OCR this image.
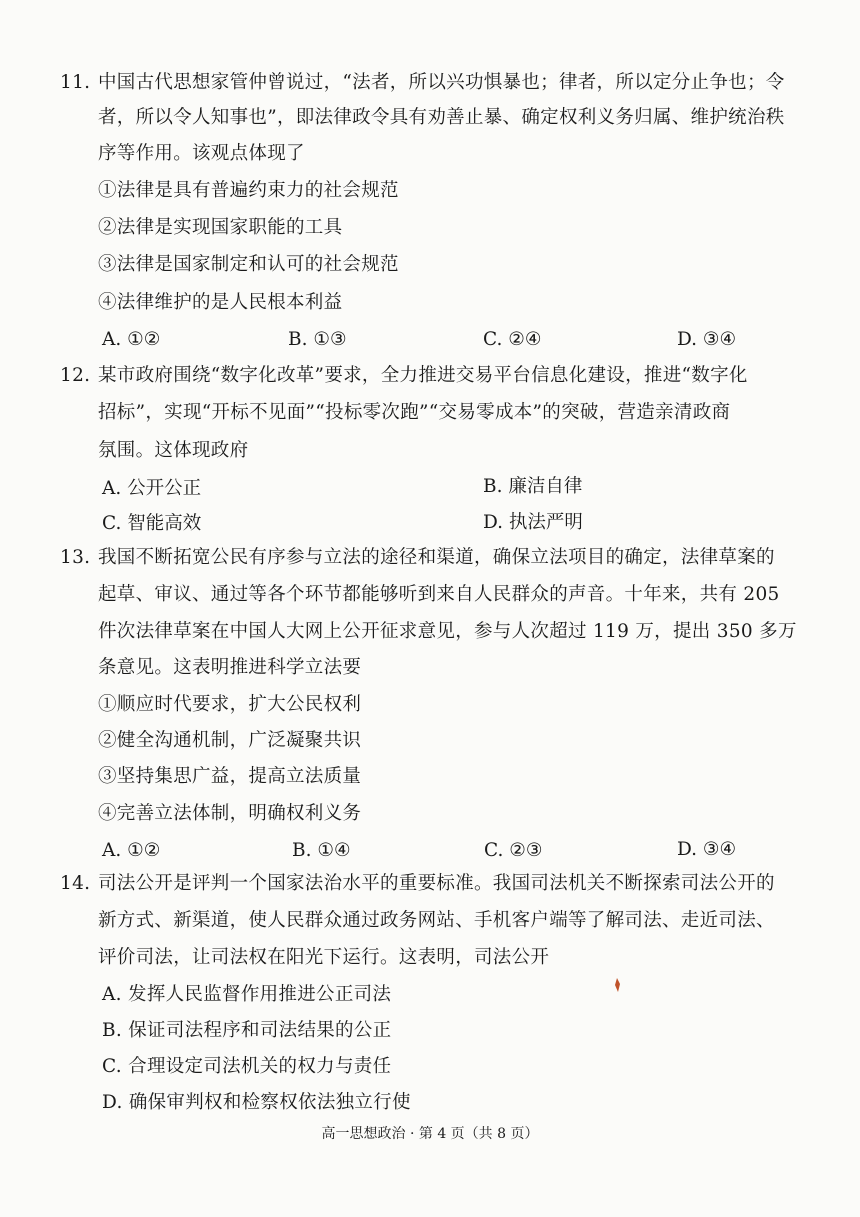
11. 中国古代思想家管仲曾说过，“法者，所以兴功惧暴也；律者，所以定分止争也；令
者，所以令人知事也”，即法律政令具有劝善止暴、确定权利义务归属、维护统治秩
序等作用。该观点体现了
①法律是具有普遍约束力的社会规范
②法律是实现国家职能的工具
③法律是国家制定和认可的社会规范
④法律维护的是人民根本利益
A. ①②	B. ①③	C. ②④	D. ③④
12. 某市政府围绕“数字化改革”要求，全力推进交易平台信息化建设，推进“数字化
招标”，实现“开标不见面”“投标零次跑”“交易零成本”的突破，营造亲清政商
氛围。这体现政府
A. 公开公正	B. 廉洁自律
C. 智能高效	D. 执法严明
13. 我国不断拓宽公民有序参与立法的途径和渠道，确保立法项目的确定，法律草案的
起草、审议、通过等各个环节都能够听到来自人民群众的声音。十年来，共有 205
件次法律草案在中国人大网上公开征求意见，参与人次超过 119 万，提出 350 多万
条意见。这表明推进科学立法要
①顺应时代要求，扩大公民权利
②健全沟通机制，广泛凝聚共识
③坚持集思广益，提高立法质量
④完善立法体制，明确权利义务
A. ①②	B. ①④	C. ②③	D. ③④
14. 司法公开是评判一个国家法治水平的重要标准。我国司法机关不断探索司法公开的
新方式、新渠道，使人民群众通过政务网站、手机客户端等了解司法、走近司法、
评价司法，让司法权在阳光下运行。这表明，司法公开
A. 发挥人民监督作用推进公正司法
B. 保证司法程序和司法结果的公正
C. 合理设定司法机关的权力与责任
D. 确保审判权和检察权依法独立行使
高一思想政治 · 第 4 页（共 8 页）
